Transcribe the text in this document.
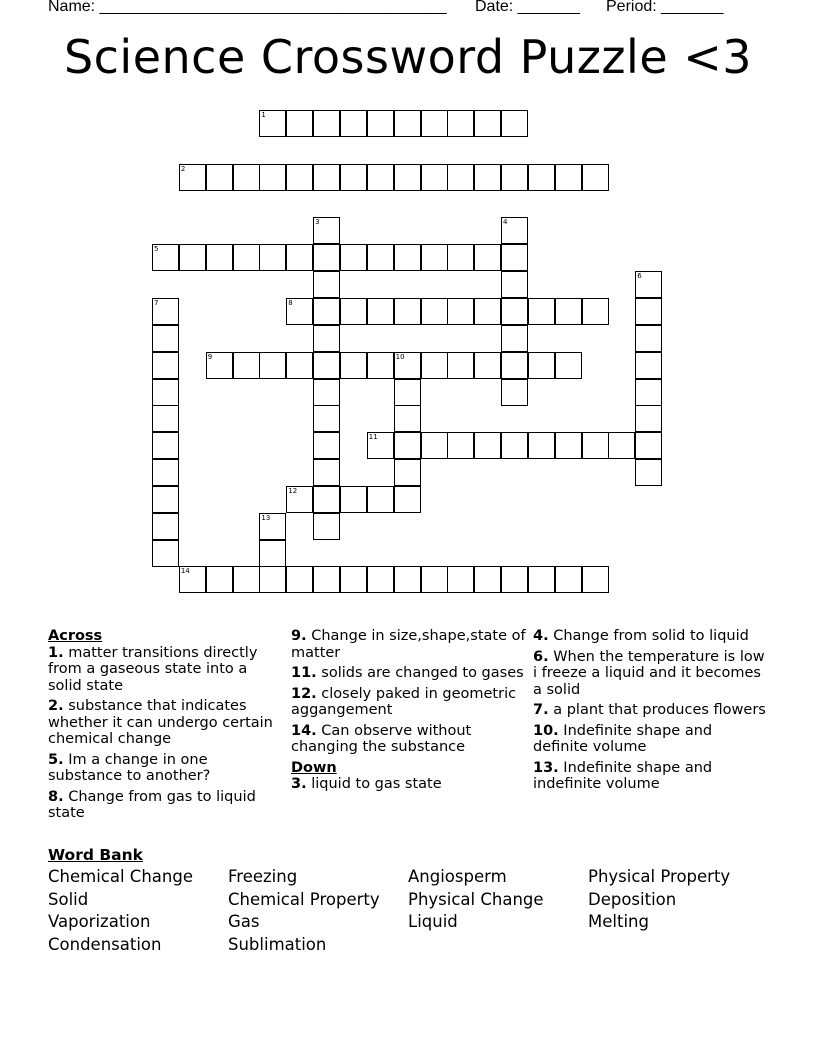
Name: _______________________________________ Date: _______ Period: _______
Science Crossword Puzzle <3
1
2
5
8
9	10
11
12
14
3	4
6
7
13
Across
1. matter transitions directly from a gaseous state into a solid state
2. substance that indicates whether it can undergo certain chemical change
5. Im a change in one substance to another?
8. Change from gas to liquid state
9. Change in size,shape,state of matter
11. solids are changed to gases
12. closely paked in geometric aggangement
14. Can observe without changing the substance
Down
3. liquid to gas state
4. Change from solid to liquid
6. When the temperature is low i freeze a liquid and it becomes a solid
7. a plant that produces flowers
10. Indefinite shape and definite volume
13. Indefinite shape and indefinite volume
Word Bank
Chemical Change
Solid
Vaporization
Condensation
Freezing
Chemical Property
Gas
Sublimation
Angiosperm
Physical Change
Liquid
Physical Property
Deposition
Melting
